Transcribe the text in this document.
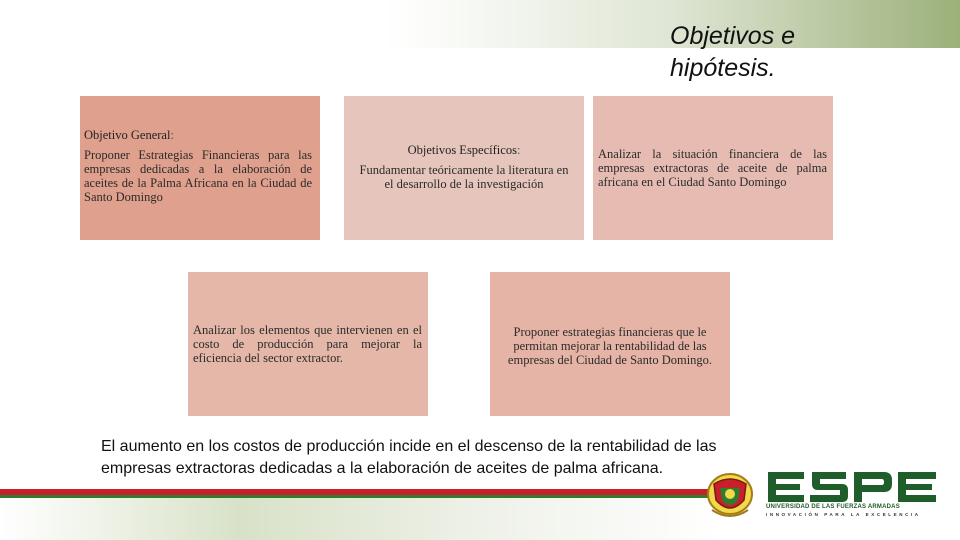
Objetivos e hipótesis.
Objetivo General:
Proponer Estrategias Financieras para las empresas dedicadas a la elaboración de aceites de la Palma Africana en la Ciudad de Santo Domingo
Objetivos Específicos:
Fundamentar teóricamente la literatura en el desarrollo de la investigación
Analizar la situación financiera de las empresas extractoras de aceite de palma africana en el Ciudad Santo Domingo
Analizar los elementos que intervienen en el costo de producción para mejorar la eficiencia del sector extractor.
Proponer estrategias financieras que le permitan mejorar la rentabilidad de las empresas del Ciudad de Santo Domingo.
El aumento en los costos de producción incide en el descenso de la rentabilidad de las empresas extractoras dedicadas a la elaboración de aceites de palma africana.
UNIVERSIDAD DE LAS FUERZAS ARMADAS
INNOVACIÓN PARA LA EXCELENCIA
